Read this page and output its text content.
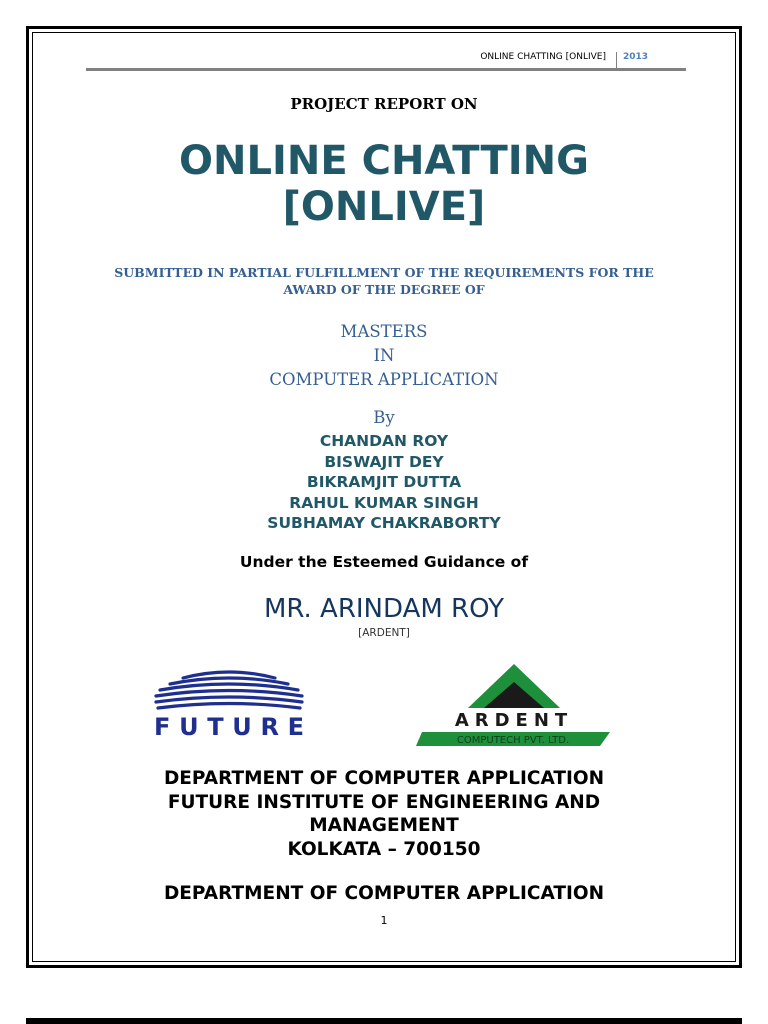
ONLINE CHATTING [ONLIVE]	2013
PROJECT REPORT ON
ONLINE CHATTING
[ONLIVE]
SUBMITTED IN PARTIAL FULFILLMENT OF THE REQUIREMENTS FOR THE
AWARD OF THE DEGREE OF
MASTERS
IN
COMPUTER APPLICATION
By
CHANDAN ROY
BISWAJIT DEY
BIKRAMJIT DUTTA
RAHUL KUMAR SINGH
SUBHAMAY CHAKRABORTY
Under the Esteemed Guidance of
MR. ARINDAM ROY
[ARDENT]
FUTURE	ARDENT
COMPUTECH PVT. LTD.
DEPARTMENT OF COMPUTER APPLICATION
FUTURE INSTITUTE OF ENGINEERING AND
MANAGEMENT
KOLKATA – 700150
DEPARTMENT OF COMPUTER APPLICATION
1
